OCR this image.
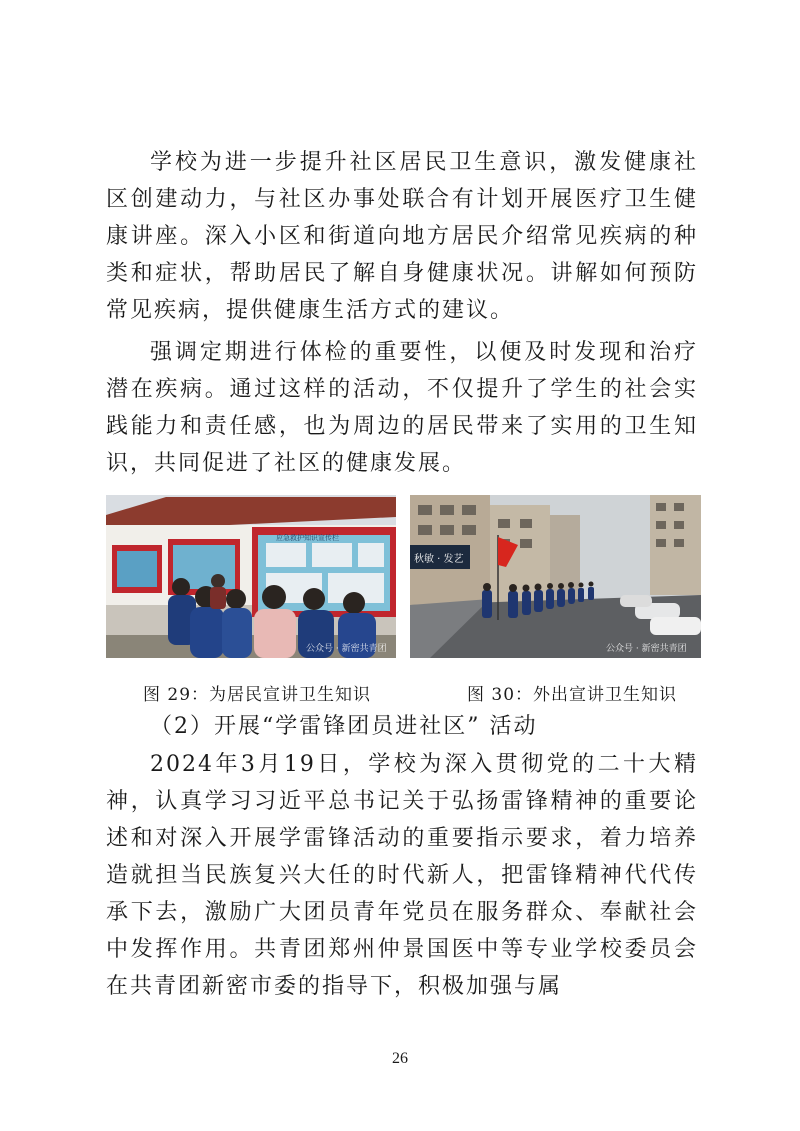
学校为进一步提升社区居民卫生意识，激发健康社区创建动力，与社区办事处联合有计划开展医疗卫生健康讲座。深入小区和街道向地方居民介绍常见疾病的种类和症状，帮助居民了解自身健康状况。讲解如何预防常见疾病，提供健康生活方式的建议。

强调定期进行体检的重要性，以便及时发现和治疗潜在疾病。通过这样的活动，不仅提升了学生的社会实践能力和责任感，也为周边的居民带来了实用的卫生知识，共同促进了社区的健康发展。

应急救护知识宣传栏
公众号 · 新密共青团
秋敏 · 发艺
公众号 · 新密共青团
图 29：为居民宣讲卫生知识	图 30：外出宣讲卫生知识
（2）开展“学雷锋团员进社区” 活动

2024年3月19日，学校为深入贯彻党的二十大精神，认真学习习近平总书记关于弘扬雷锋精神的重要论述和对深入开展学雷锋活动的重要指示要求，着力培养造就担当民族复兴大任的时代新人，把雷锋精神代代传承下去，激励广大团员青年党员在服务群众、奉献社会中发挥作用。共青团郑州仲景国医中等专业学校委员会在共青团新密市委的指导下，积极加强与属

26
